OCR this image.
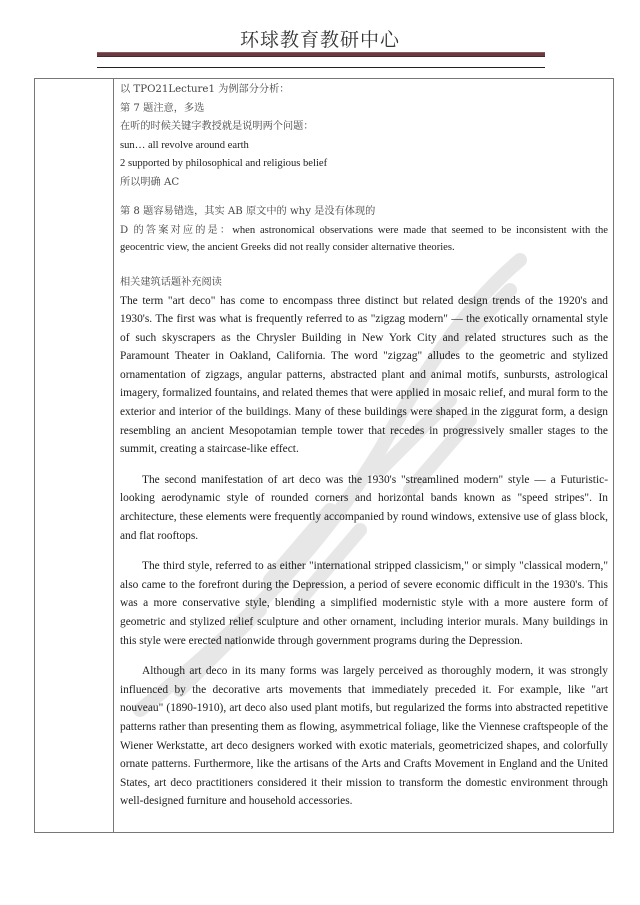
环球教育教研中心

以 TPO21Lecture1 为例部分分析：

第 7 题注意，多选

在听的时候关键字教授就是说明两个问题：

sun… all revolve around earth

2 supported by philosophical and religious belief

所以明确 AC

第 8 题容易错选，其实 AB 原文中的 why 是没有体现的

D 的答案对应的是：when astronomical observations were made that seemed to be inconsistent with the geocentric view, the ancient Greeks did not really consider alternative theories.

相关建筑话题补充阅读

The term "art deco" has come to encompass three distinct but related design trends of the 1920's and 1930's. The first was what is frequently referred to as "zigzag modern" — the exotically ornamental style of such skyscrapers as the Chrysler Building in New York City and related structures such as the Paramount Theater in Oakland, California. The word "zigzag" alludes to the geometric and stylized ornamentation of zigzags, angular patterns, abstracted plant and animal motifs, sunbursts, astrological imagery, formalized fountains, and related themes that were applied in mosaic relief, and mural form to the exterior and interior of the buildings. Many of these buildings were shaped in the ziggurat form, a design resembling an ancient Mesopotamian temple tower that recedes in progressively smaller stages to the summit, creating a staircase-like effect.

The second manifestation of art deco was the 1930's "streamlined modern" style — a Futuristic-looking aerodynamic style of rounded corners and horizontal bands known as "speed stripes". In architecture, these elements were frequently accompanied by round windows, extensive use of glass block, and flat rooftops.

The third style, referred to as either "international stripped classicism," or simply "classical modern," also came to the forefront during the Depression, a period of severe economic difficult in the 1930's. This was a more conservative style, blending a simplified modernistic style with a more austere form of geometric and stylized relief sculpture and other ornament, including interior murals. Many buildings in this style were erected nationwide through government programs during the Depression.

Although art deco in its many forms was largely perceived as thoroughly modern, it was strongly influenced by the decorative arts movements that immediately preceded it. For example, like "art nouveau" (1890-1910), art deco also used plant motifs, but regularized the forms into abstracted repetitive patterns rather than presenting them as flowing, asymmetrical foliage, like the Viennese craftspeople of the Wiener Werkstatte, art deco designers worked with exotic materials, geometricized shapes, and colorfully ornate patterns. Furthermore, like the artisans of the Arts and Crafts Movement in England and the United States, art deco practitioners considered it their mission to transform the domestic environment through well-designed furniture and household accessories.
